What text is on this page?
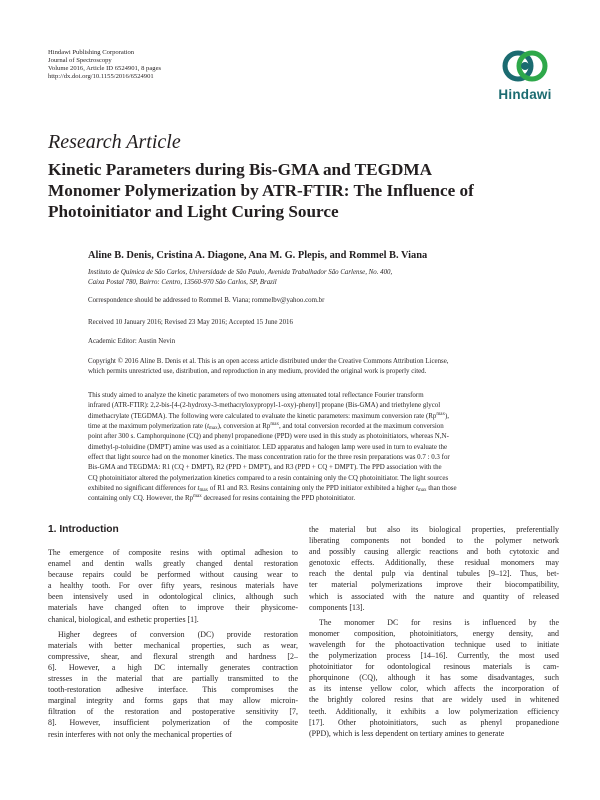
Hindawi Publishing Corporation
Journal of Spectroscopy
Volume 2016, Article ID 6524901, 8 pages
http://dx.doi.org/10.1155/2016/6524901
Hindawi
Research Article
Kinetic Parameters during Bis-GMA and TEGDMA
Monomer Polymerization by ATR-FTIR: The Influence of
Photoinitiator and Light Curing Source
Aline B. Denis, Cristina A. Diagone, Ana M. G. Plepis, and Rommel B. Viana
Instituto de Química de São Carlos, Universidade de São Paulo, Avenida Trabalhador São Carlense, No. 400,
Caixa Postal 780, Bairro: Centro, 13560-970 São Carlos, SP, Brazil
Correspondence should be addressed to Rommel B. Viana; rommelbv@yahoo.com.br
Received 10 January 2016; Revised 23 May 2016; Accepted 15 June 2016
Academic Editor: Austin Nevin
Copyright © 2016 Aline B. Denis et al. This is an open access article distributed under the Creative Commons Attribution License,
which permits unrestricted use, distribution, and reproduction in any medium, provided the original work is properly cited.
This study aimed to analyze the kinetic parameters of two monomers using attenuated total reflectance Fourier transform
infrared (ATR-FTIR): 2,2-bis-[4-(2-hydroxy-3-methacryloxypropyl-1-oxy)-phenyl] propane (Bis-GMA) and triethylene glycol
dimethacrylate (TEGDMA). The following were calculated to evaluate the kinetic parameters: maximum conversion rate $(Rp^{max})$,
time at the maximum polymerization rate $(t_{max})$, conversion at $Rp^{max}$, and total conversion recorded at the maximum conversion
point after 300 s. Camphorquinone (CQ) and phenyl propanedione (PPD) were used in this study as photoinitiators, whereas N,N-
dimethyl-p-toluidine (DMPT) amine was used as a coinitiator. LED apparatus and halogen lamp were used in turn to evaluate the
effect that light source had on the monomer kinetics. The mass concentration ratio for the three resin preparations was 0.7 : 0.3 for
Bis-GMA and TEGDMA: R1 (CQ + DMPT), R2 (PPD + DMPT), and R3 (PPD + CQ + DMPT). The PPD association with the
CQ photoinitiator altered the polymerization kinetics compared to a resin containing only the CQ photoinitiator. The light sources
exhibited no significant differences for $t_{max}$ of R1 and R3. Resins containing only the PPD initiator exhibited a higher $t_{max}$ than those
containing only CQ. However, the $Rp^{max}$ decreased for resins containing the PPD photoinitiator.
1. Introduction
The emergence of composite resins with optimal adhesion to
enamel and dentin walls greatly changed dental restoration
because repairs could be performed without causing wear to
a healthy tooth. For over fifty years, resinous materials have
been intensively used in odontological clinics, although such
materials have changed often to improve their physicome-
chanical, biological, and esthetic properties [1].
Higher degrees of conversion (DC) provide restoration
materials with better mechanical properties, such as wear,
compressive, shear, and flexural strength and hardness [2–
6]. However, a high DC internally generates contraction
stresses in the material that are partially transmitted to the
tooth-restoration adhesive interface. This compromises the
marginal integrity and forms gaps that may allow microin-
filtration of the restoration and postoperative sensitivity [7,
8]. However, insufficient polymerization of the composite
resin interferes with not only the mechanical properties of
the material but also its biological properties, preferentially
liberating components not bonded to the polymer network
and possibly causing allergic reactions and both cytotoxic and
genotoxic effects. Additionally, these residual monomers may
reach the dental pulp via dentinal tubules [9–12]. Thus, bet-
ter material polymerizations improve their biocompatibility,
which is associated with the nature and quantity of released
components [13].
The monomer DC for resins is influenced by the
monomer composition, photoinitiators, energy density, and
wavelength for the photoactivation technique used to initiate
the polymerization process [14–16]. Currently, the most used
photoinitiator for odontological resinous materials is cam-
phorquinone (CQ), although it has some disadvantages, such
as its intense yellow color, which affects the incorporation of
the brightly colored resins that are widely used in whitened
teeth. Additionally, it exhibits a low polymerization efficiency
[17]. Other photoinitiators, such as phenyl propanedione
(PPD), which is less dependent on tertiary amines to generate
